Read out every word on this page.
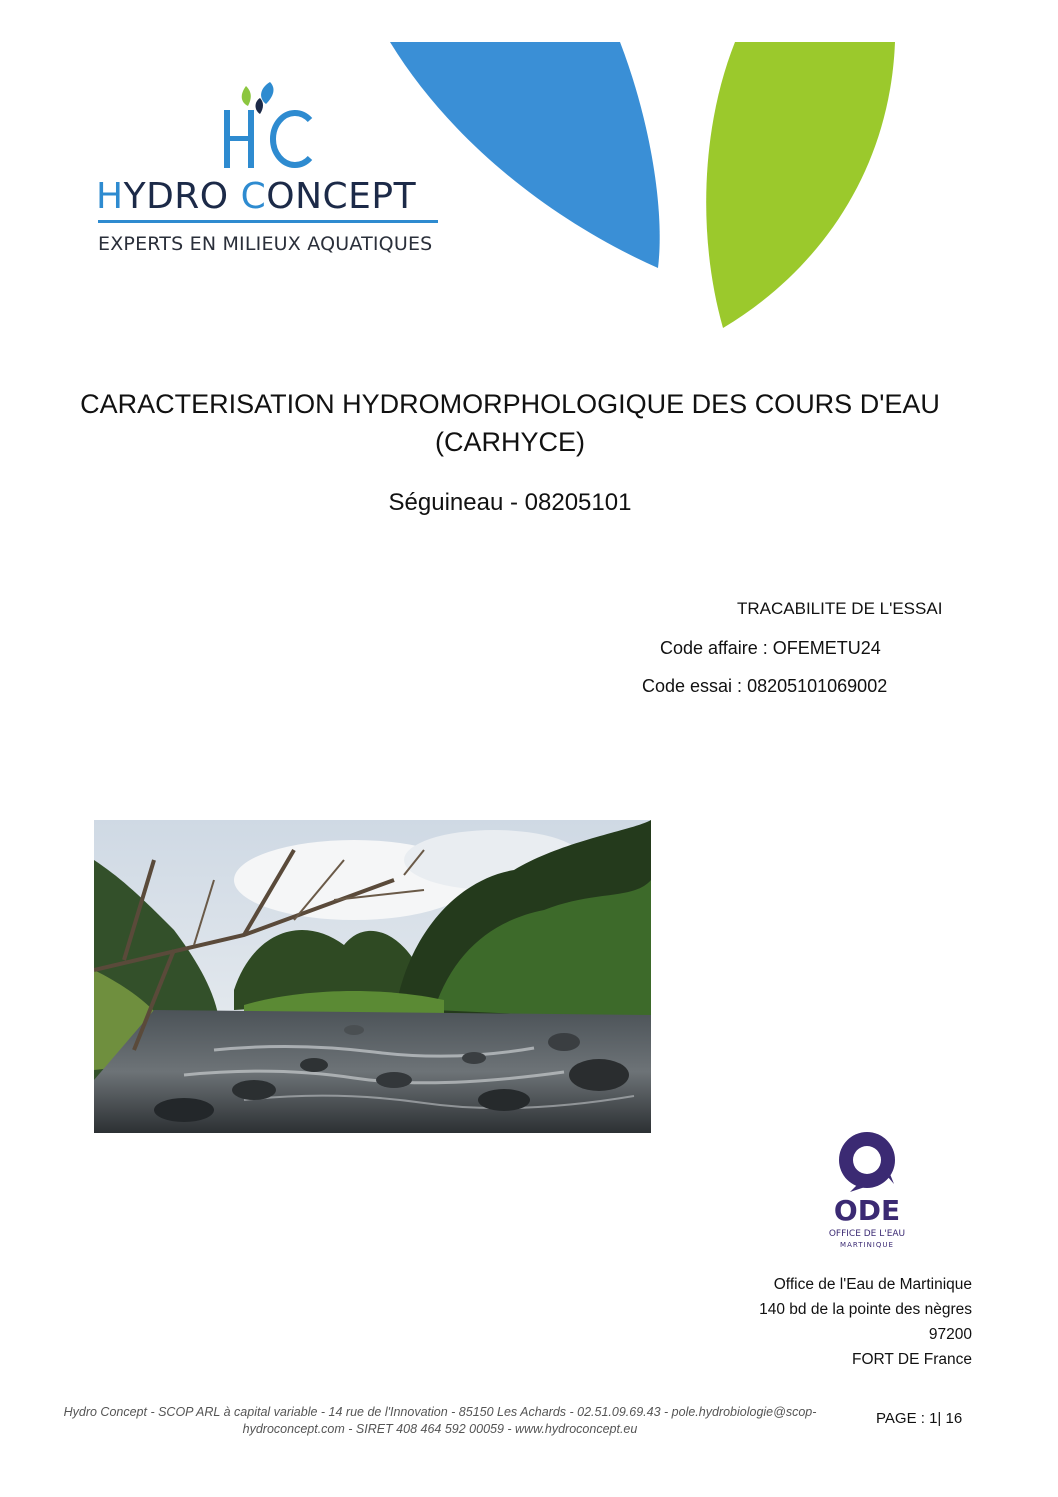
HYDRO CONCEPT
EXPERTS EN MILIEUX AQUATIQUES
CARACTERISATION HYDROMORPHOLOGIQUE DES COURS D'EAU
(CARHYCE)
Séguineau - 08205101
TRACABILITE DE L'ESSAI
Code affaire : OFEMETU24
Code essai : 08205101069002
ODE
OFFICE DE L'EAU
MARTINIQUE
Office de l'Eau de Martinique
140 bd de la pointe des nègres
97200
FORT DE France
Hydro Concept - SCOP ARL à capital variable - 14 rue de l'Innovation - 85150 Les Achards - 02.51.09.69.43 - pole.hydrobiologie@scop-
hydroconcept.com - SIRET 408 464 592 00059 - www.hydroconcept.eu
PAGE : 1| 16
